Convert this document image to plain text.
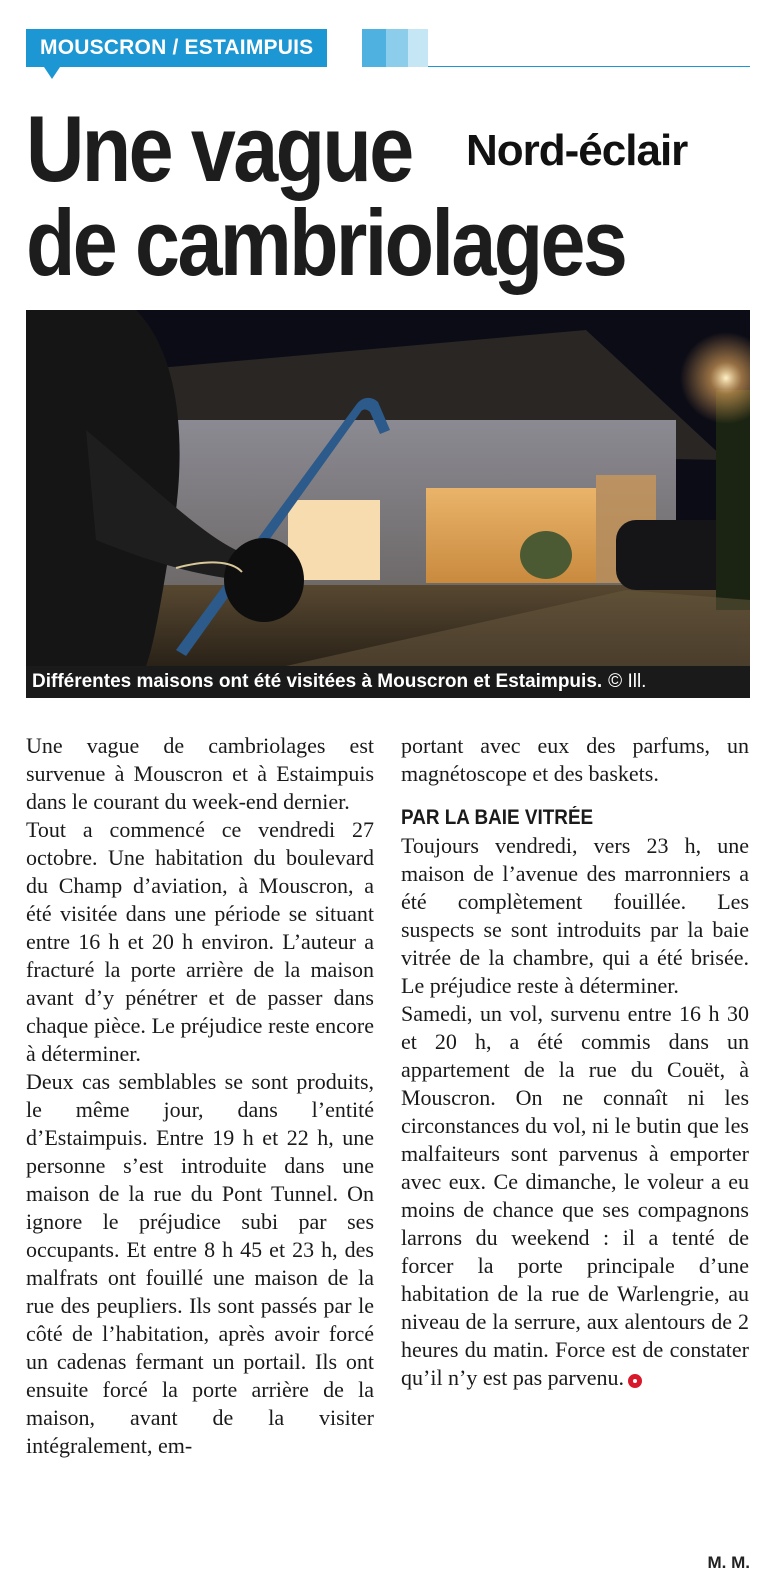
MOUSCRON / ESTAIMPUIS
Une vague
de cambriolages
Nord-éclair
Différentes maisons ont été visitées à Mouscron et Estaimpuis. © Ill.

Une vague de cambriolages est survenue à Mouscron et à Estaimpuis dans le courant du week-end dernier.

Tout a commencé ce vendredi 27 octobre. Une habitation du boulevard du Champ d’aviation, à Mouscron, a été visitée dans une période se situant entre 16 h et 20 h environ. L’auteur a fracturé la porte arrière de la maison avant d’y pénétrer et de passer dans chaque pièce. Le préjudice reste encore à déterminer.

Deux cas semblables se sont produits, le même jour, dans l’entité d’Estaimpuis. Entre 19 h et 22 h, une personne s’est introduite dans une maison de la rue du Pont Tunnel. On ignore le préjudice subi par ses occupants. Et entre 8 h 45 et 23 h, des malfrats ont fouillé une maison de la rue des peupliers. Ils sont passés par le côté de l’habitation, après avoir forcé un cadenas fermant un portail. Ils ont ensuite forcé la porte arrière de la maison, avant de la visiter intégralement, em-

portant avec eux des parfums, un magnétoscope et des baskets.

PAR LA BAIE VITRÉE

Toujours vendredi, vers 23 h, une maison de l’avenue des marronniers a été complètement fouillée. Les suspects se sont introduits par la baie vitrée de la chambre, qui a été brisée. Le préjudice reste à déterminer.

Samedi, un vol, survenu entre 16 h 30 et 20 h, a été commis dans un appartement de la rue du Couët, à Mouscron. On ne connaît ni les circonstances du vol, ni le butin que les malfaiteurs sont parvenus à emporter avec eux. Ce dimanche, le voleur a eu moins de chance que ses compagnons larrons du weekend : il a tenté de forcer la porte principale d’une habitation de la rue de Warlengrie, au niveau de la serrure, aux alentours de 2 heures du matin. Force est de constater qu’il n’y est pas parvenu.

M. M.
